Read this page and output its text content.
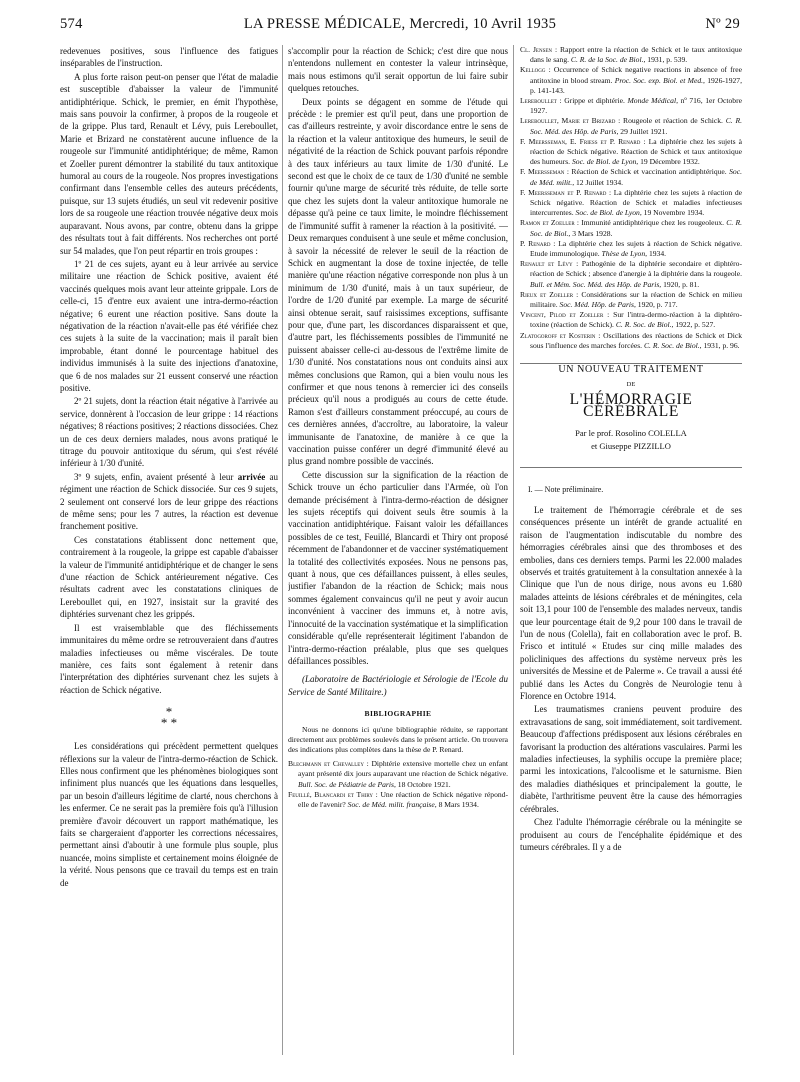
574	LA PRESSE MÉDICALE, Mercredi, 10 Avril 1935	Nº 29

redevenues positives, sous l'influence des fatigues inséparables de l'instruction.

A plus forte raison peut-on penser que l'état de maladie est susceptible d'abaisser la valeur de l'immunité antidiphtérique. Schick, le premier, en émit l'hypothèse, mais sans pouvoir la confirmer, à propos de la rougeole et de la grippe. Plus tard, Renault et Lévy, puis Lereboullet, Marie et Brizard ne constatèrent aucune influence de la rougeole sur l'immunité antidiphtérique; de même, Ramon et Zoeller purent démontrer la stabilité du taux antitoxique humoral au cours de la rougeole. Nos propres investigations confirmant dans l'ensemble celles des auteurs précédents, puisque, sur 13 sujets étudiés, un seul vit redevenir positive lors de sa rougeole une réaction trouvée négative deux mois auparavant. Nous avons, par contre, obtenu dans la grippe des résultats tout à fait différents. Nos recherches ont porté sur 54 malades, que l'on peut répartir en trois groupes :

1º 21 de ces sujets, ayant eu à leur arrivée au service militaire une réaction de Schick positive, avaient été vaccinés quelques mois avant leur atteinte grippale. Lors de celle-ci, 15 d'entre eux avaient une intra-dermo-réaction négative; 6 eurent une réaction positive. Sans doute la négativation de la réaction n'avait-elle pas été vérifiée chez ces sujets à la suite de la vaccination; mais il paraît bien improbable, étant donné le pourcentage habituel des individus immunisés à la suite des injections d'anatoxine, que 6 de nos malades sur 21 eussent conservé une réaction positive.

2º 21 sujets, dont la réaction était négative à l'arrivée au service, donnèrent à l'occasion de leur grippe : 14 réactions négatives; 8 réactions positives; 2 réactions dissociées. Chez un de ces deux derniers malades, nous avons pratiqué le titrage du pouvoir antitoxique du sérum, qui s'est révélé inférieur à 1/30 d'unité.

3º 9 sujets, enfin, avaient présenté à leur arrivée au régiment une réaction de Schick dissociée. Sur ces 9 sujets, 2 seulement ont conservé lors de leur grippe des réactions de même sens; pour les 7 autres, la réaction est devenue franchement positive.

Ces constatations établissent donc nettement que, contrairement à la rougeole, la grippe est capable d'abaisser la valeur de l'immunité antidiphtérique et de changer le sens d'une réaction de Schick antérieurement négative. Ces résultats cadrent avec les constatations cliniques de Lereboullet qui, en 1927, insistait sur la gravité des diphtéries survenant chez les grippés.

Il est vraisemblable que des fléchissements immunitaires du même ordre se retrouveraient dans d'autres maladies infectieuses ou même viscérales. De toute manière, ces faits sont également à retenir dans l'interprétation des diphtéries survenant chez les sujets à réaction de Schick négative.

*
* *

Les considérations qui précèdent permettent quelques réflexions sur la valeur de l'intra-dermo-réaction de Schick. Elles nous confirment que les phénomènes biologiques sont infiniment plus nuancés que les équations dans lesquelles, par un besoin d'ailleurs légitime de clarté, nous cherchons à les enfermer. Ce ne serait pas la première fois qu'à l'illusion première d'avoir découvert un rapport mathématique, les faits se chargeraient d'apporter les corrections nécessaires, permettant ainsi d'aboutir à une formule plus souple, plus nuancée, moins simpliste et certainement moins éloignée de la vérité. Nous pensons que ce travail du temps est en train de

s'accomplir pour la réaction de Schick; c'est dire que nous n'entendons nullement en contester la valeur intrinsèque, mais nous estimons qu'il serait opportun de lui faire subir quelques retouches.

Deux points se dégagent en somme de l'étude qui précède : le premier est qu'il peut, dans une proportion de cas d'ailleurs restreinte, y avoir discordance entre le sens de la réaction et la valeur antitoxique des humeurs, le seuil de négativité de la réaction de Schick pouvant parfois répondre à des taux inférieurs au taux limite de 1/30 d'unité. Le second est que le choix de ce taux de 1/30 d'unité ne semble fournir qu'une marge de sécurité très réduite, de telle sorte que chez les sujets dont la valeur antitoxique humorale ne dépasse qu'à peine ce taux limite, le moindre fléchissement de l'immunité suffit à ramener la réaction à la positivité. — Deux remarques conduisent à une seule et même conclusion, à savoir la nécessité de relever le seuil de la réaction de Schick en augmentant la dose de toxine injectée, de telle manière qu'une réaction négative corresponde non plus à un minimum de 1/30 d'unité, mais à un taux supérieur, de l'ordre de 1/20 d'unité par exemple. La marge de sécurité ainsi obtenue serait, sauf raisissimes exceptions, suffisante pour que, d'une part, les discordances disparaissent et que, d'autre part, les fléchissements possibles de l'immunité ne puissent abaisser celle-ci au-dessous de l'extrême limite de 1/30 d'unité. Nos constatations nous ont conduits ainsi aux mêmes conclusions que Ramon, qui a bien voulu nous les confirmer et que nous tenons à remercier ici des conseils précieux qu'il nous a prodigués au cours de cette étude. Ramon s'est d'ailleurs constamment préoccupé, au cours de ces dernières années, d'accroître, au laboratoire, la valeur immunisante de l'anatoxine, de manière à ce que la vaccination puisse conférer un degré d'immunité élevé au plus grand nombre possible de vaccinés.

Cette discussion sur la signification de la réaction de Schick trouve un écho particulier dans l'Armée, où l'on demande précisément à l'intra-dermo-réaction de désigner les sujets réceptifs qui doivent seuls être soumis à la vaccination antidiphtérique. Faisant valoir les défaillances possibles de ce test, Feuillé, Blancardi et Thiry ont proposé récemment de l'abandonner et de vacciner systématiquement la totalité des collectivités exposées. Nous ne pensons pas, quant à nous, que ces défaillances puissent, à elles seules, justifier l'abandon de la réaction de Schick; mais nous sommes également convaincus qu'il ne peut y avoir aucun inconvénient à vacciner des immuns et, à notre avis, l'innocuité de la vaccination systématique et la simplification considérable qu'elle représenterait légitiment l'abandon de l'intra-dermo-réaction préalable, plus que ses quelques défaillances possibles.

(Laboratoire de Bactériologie et Sérologie de l'Ecole du Service de Santé Militaire.)

BIBLIOGRAPHIE

Nous ne donnons ici qu'une bibliographie réduite, se rapportant directement aux problèmes soulevés dans le présent article. On trouvera des indications plus complètes dans la thèse de P. Renard.

Blechmann et Chevalley : Diphtérie extensive mortelle chez un enfant ayant présenté dix jours auparavant une réaction de Schick négative. Bull. Soc. de Pédiatrie de Paris, 18 Octobre 1921.

Feuillé, Blancardi et Thiry : Une réaction de Schick négative répond-elle de l'avenir? Soc. de Méd. milit. française, 8 Mars 1934.

Cl. Jensen : Rapport entre la réaction de Schick et le taux antitoxique dans le sang. C. R. de la Soc. de Biol., 1931, p. 539.

Kellogg : Occurrence of Schick negative reactions in absence of free antitoxine in blood stream. Proc. Soc. exp. Biol. et Med., 1926-1927, p. 141-143.

Lereboullet : Grippe et diphtérie. Monde Médical, nº 716, 1er Octobre 1927.

Lereboullet, Marie et Brizard : Rougeole et réaction de Schick. C. R. Soc. Méd. des Hôp. de Paris, 29 Juillet 1921.

F. Meersseman, E. Friess et P. Renard : La diphtérie chez les sujets à réaction de Schick négative. Réaction de Schick et taux antitoxique des humeurs. Soc. de Biol. de Lyon, 19 Décembre 1932.

F. Meersseman : Réaction de Schick et vaccination antidiphtérique. Soc. de Méd. milit., 12 Juillet 1934.

F. Meersseman et P. Renard : La diphtérie chez les sujets à réaction de Schick négative. Réaction de Schick et maladies infectieuses intercurrentes. Soc. de Biol. de Lyon, 19 Novembre 1934.

Ramon et Zoeller : Immunité antidiphtérique chez les rougeoleux. C. R. Soc. de Biol., 3 Mars 1928.

P. Renard : La diphtérie chez les sujets à réaction de Schick négative. Etude immunologique. Thèse de Lyon, 1934.

Renault et Lévy : Pathogénie de la diphtérie secondaire et diphtéro-réaction de Schick ; absence d'anergie à la diphtérie dans la rougeole. Bull. et Mém. Soc. Méd. des Hôp. de Paris, 1920, p. 81.

Rieux et Zoeller : Considérations sur la réaction de Schick en milieu militaire. Soc. Méd. Hôp. de Paris, 1920, p. 717.

Vincent, Pilod et Zoeller : Sur l'intra-dermo-réaction à la diphtéro-toxine (réaction de Schick). C. R. Soc. de Biol., 1922, p. 527.

Zlatogoroff et Kosterin : Oscillations des réactions de Schick et Dick sous l'influence des marches forcées. C. R. Soc. de Biol., 1931, p. 96.

UN NOUVEAU TRAITEMENT

DE

L'HÉMORRAGIE CÉRÉBRALE

Par le prof. Rosolino COLELLA

et Giuseppe PIZZILLO

I. — Note préliminaire.

Le traitement de l'hémorragie cérébrale et de ses conséquences présente un intérêt de grande actualité en raison de l'augmentation indiscutable du nombre des hémorragies cérébrales ainsi que des thromboses et des embolies, dans ces derniers temps. Parmi les 22.000 malades observés et traités gratuitement à la consultation annexée à la Clinique que l'un de nous dirige, nous avons eu 1.680 malades atteints de lésions cérébrales et de méningites, cela soit 13,1 pour 100 de l'ensemble des malades nerveux, tandis que leur pourcentage était de 9,2 pour 100 dans le travail de l'un de nous (Colella), fait en collaboration avec le prof. B. Frisco et intitulé « Etudes sur cinq mille malades des policliniques des affections du système nerveux près les universités de Messine et de Palerme ». Ce travail a aussi été publié dans les Actes du Congrès de Neurologie tenu à Florence en Octobre 1914.

Les traumatismes craniens peuvent produire des extravasations de sang, soit immédiatement, soit tardivement. Beaucoup d'affections prédisposent aux lésions cérébrales en favorisant la production des altérations vasculaires. Parmi les maladies infectieuses, la syphilis occupe la première place; parmi les intoxications, l'alcoolisme et le saturnisme. Bien des maladies diathésiques et principalement la goutte, le diabète, l'arthritisme peuvent être la cause des hémorragies cérébrales.

Chez l'adulte l'hémorragie cérébrale ou la méningite se produisent au cours de l'encéphalite épidémique et des tumeurs cérébrales. Il y a de
